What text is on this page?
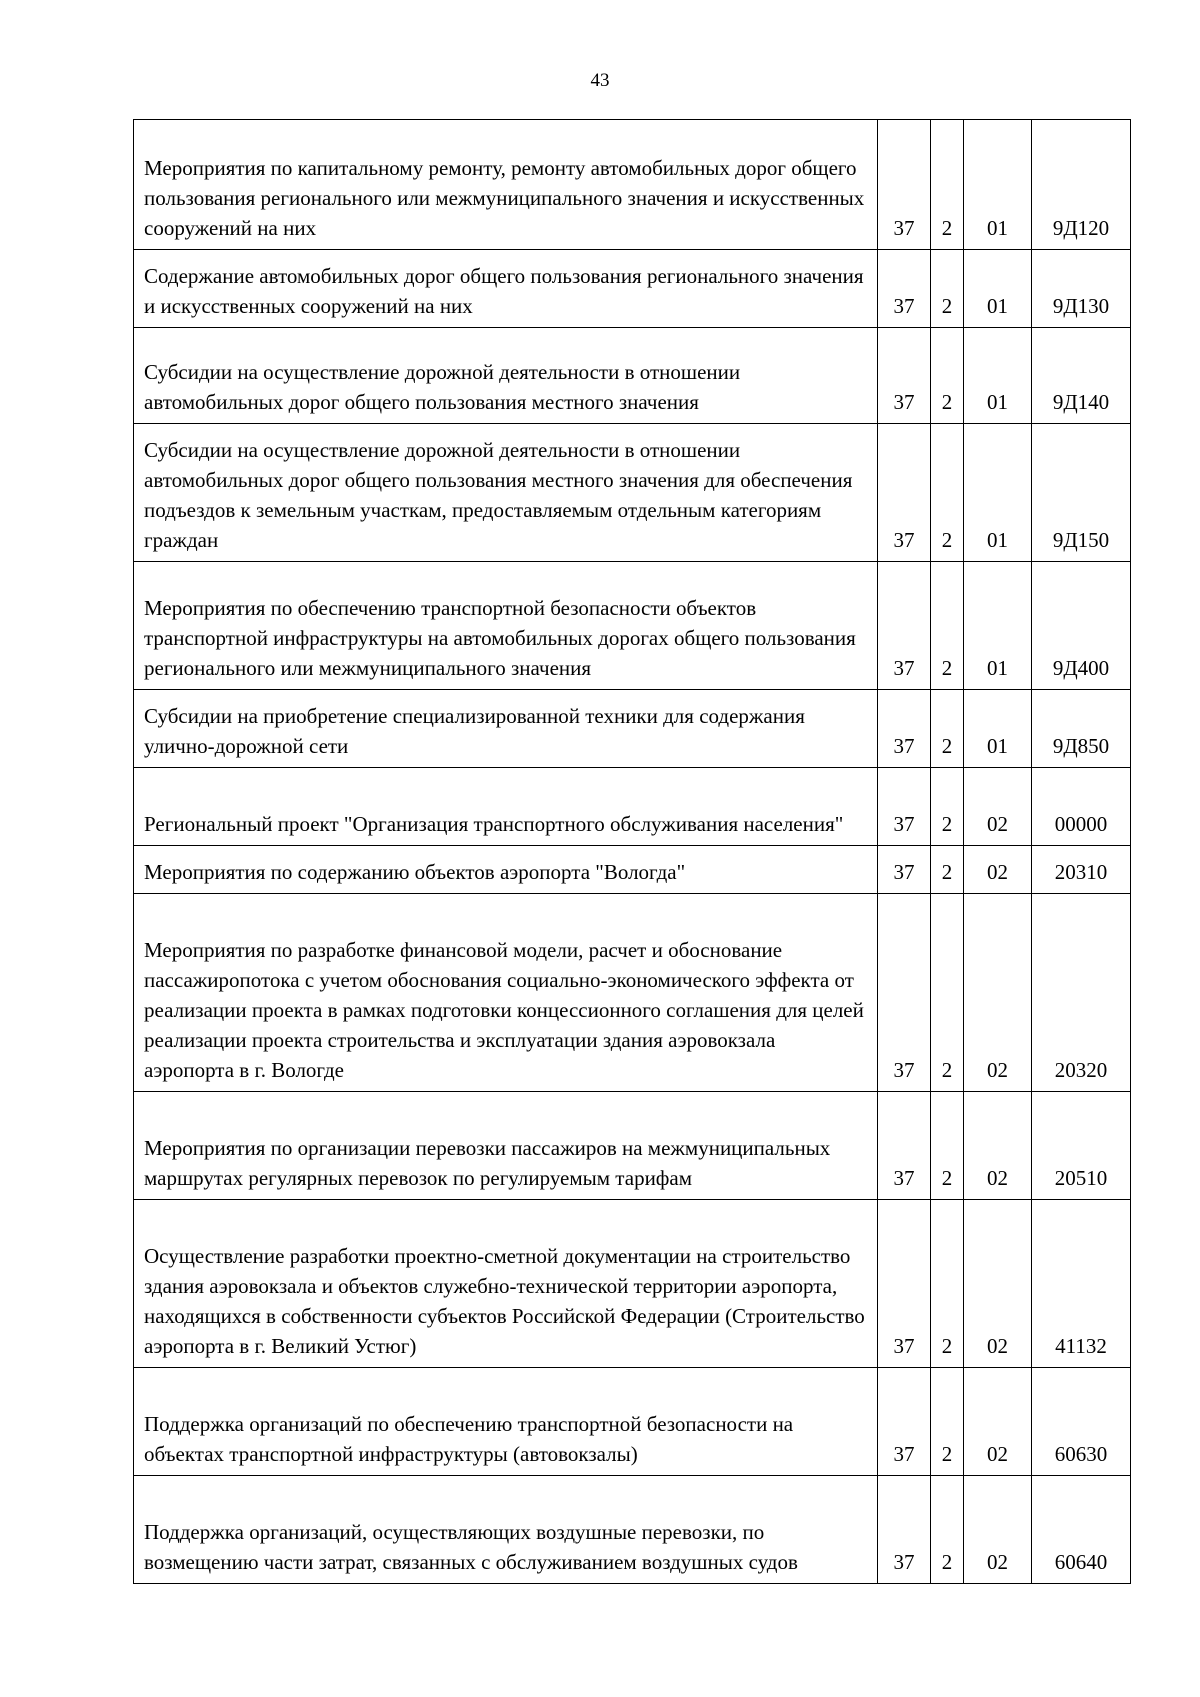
43
Мероприятия по капитальному ремонту, ремонту автомобильных дорог общего пользования регионального или межмуниципального значения и искусственных сооружений на них	37	2	01	9Д120
Содержание автомобильных дорог общего пользования регионального значения и искусственных сооружений на них	37	2	01	9Д130
Субсидии на осуществление дорожной деятельности в отношении автомобильных дорог общего пользования местного значения	37	2	01	9Д140
Субсидии на осуществление дорожной деятельности в отношении автомобильных дорог общего пользования местного значения для обеспечения подъездов к земельным участкам, предоставляемым отдельным категориям граждан	37	2	01	9Д150
Мероприятия по обеспечению транспортной безопасности объектов транспортной инфраструктуры на автомобильных дорогах общего пользования регионального или межмуниципального значения	37	2	01	9Д400
Субсидии на приобретение специализированной техники для содержания улично-дорожной сети	37	2	01	9Д850
Региональный проект "Организация транспортного обслуживания населения"	37	2	02	00000
Мероприятия по содержанию объектов аэропорта "Вологда"	37	2	02	20310
Мероприятия по разработке финансовой модели, расчет и обоснование пассажиропотока с учетом обоснования социально-экономического эффекта от реализации проекта в рамках подготовки концессионного соглашения для целей реализации проекта строительства и эксплуатации здания аэровокзала аэропорта в г. Вологде	37	2	02	20320
Мероприятия по организации перевозки пассажиров на межмуниципальных маршрутах регулярных перевозок по регулируемым тарифам	37	2	02	20510
Осуществление разработки проектно-сметной документации на строительство здания аэровокзала и объектов служебно-технической территории аэропорта, находящихся в собственности субъектов Российской Федерации (Строительство аэропорта в г. Великий Устюг)	37	2	02	41132
Поддержка организаций по обеспечению транспортной безопасности на объектах транспортной инфраструктуры (автовокзалы)	37	2	02	60630
Поддержка организаций, осуществляющих воздушные перевозки, по возмещению части затрат, связанных с обслуживанием воздушных судов	37	2	02	60640
